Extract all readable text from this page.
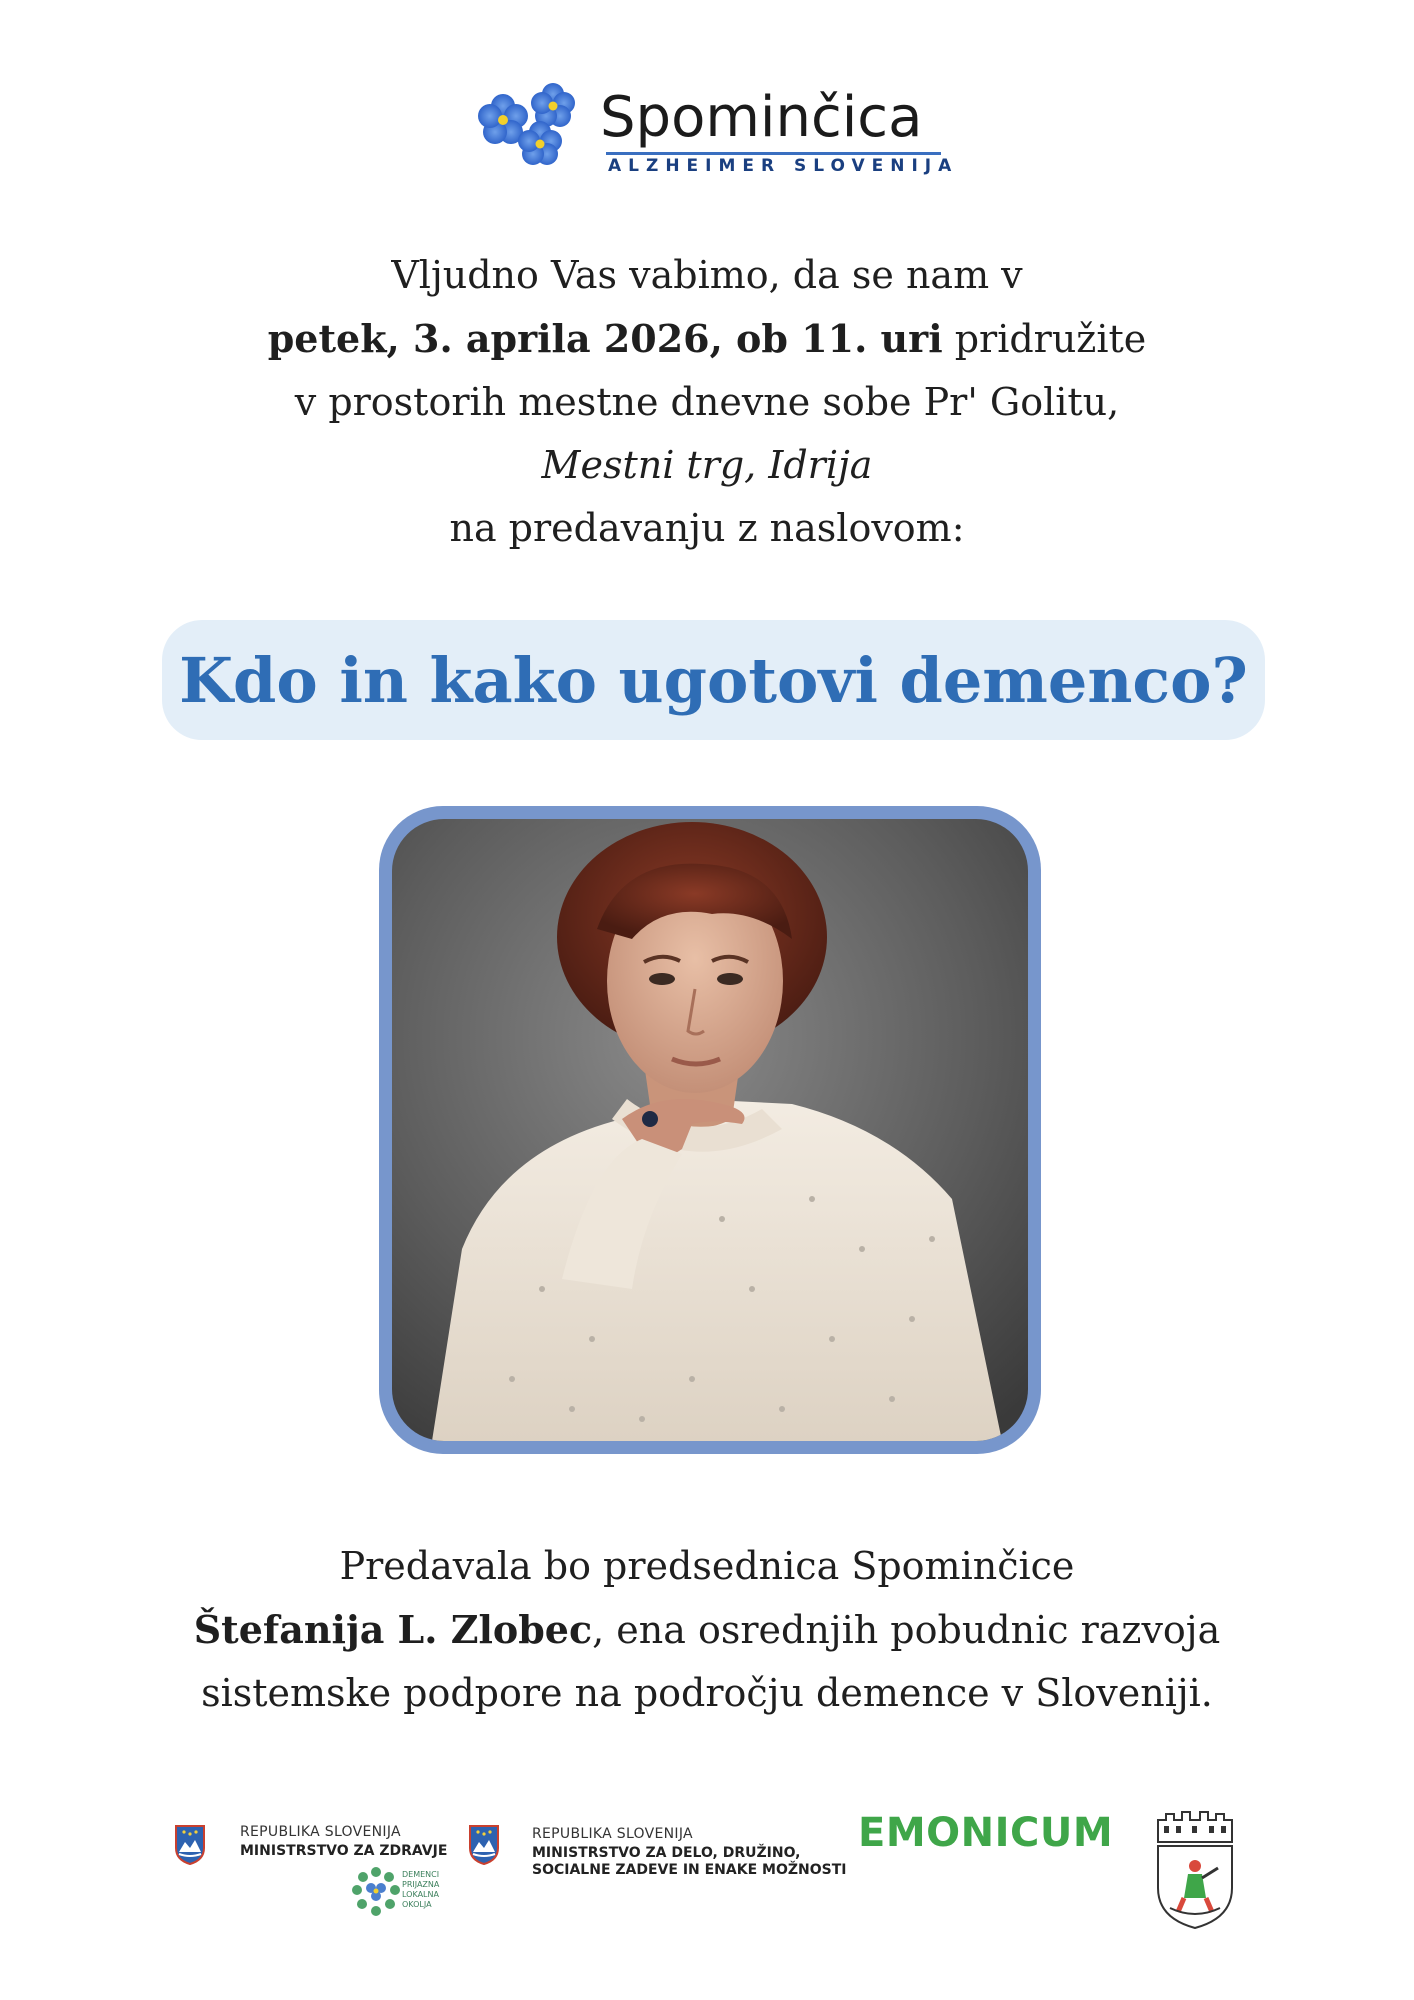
Spominčica
ALZHEIMER SLOVENIJA
Vljudno Vas vabimo, da se nam v
petek, 3. aprila 2026, ob 11. uri pridružite
v prostorih mestne dnevne sobe Pr' Golitu,
Mestni trg, Idrija
na predavanju z naslovom:
Kdo in kako ugotovi demenco?
Predavala bo predsednica Spominčice
Štefanija L. Zlobec, ena osrednjih pobudnic razvoja
sistemske podpore na področju demence v Sloveniji.
REPUBLIKA SLOVENIJA
MINISTRSTVO ZA ZDRAVJE
DEMENCI
PRIJAZNA
LOKALNA
OKOLJA
REPUBLIKA SLOVENIJA
MINISTRSTVO ZA DELO, DRUŽINO,
SOCIALNE ZADEVE IN ENAKE MOŽNOSTI
EMONICUM
